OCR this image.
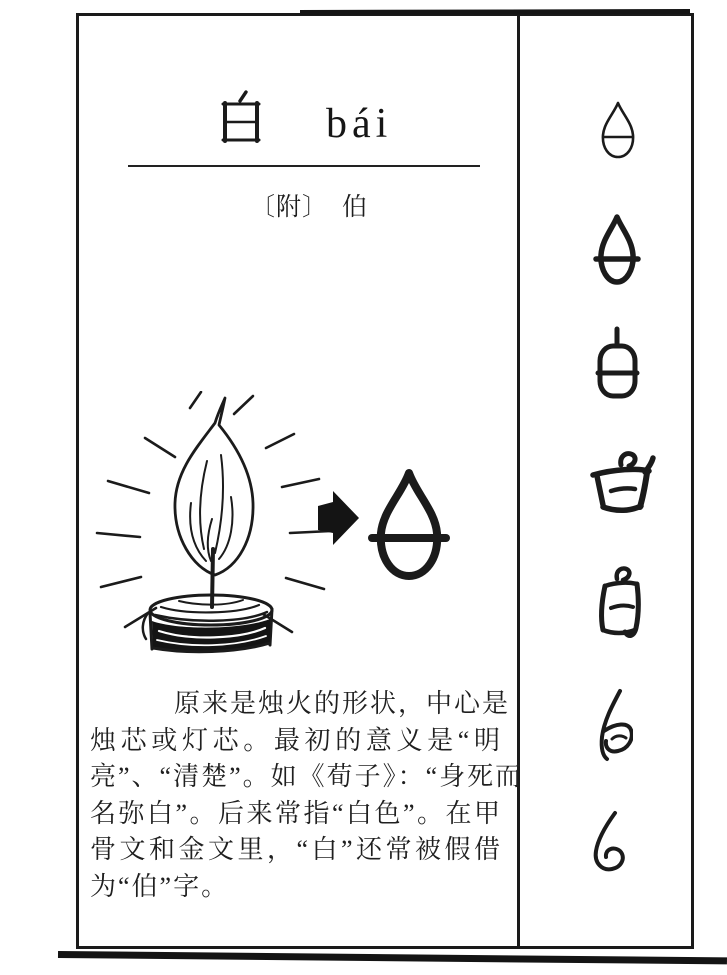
bái
〔附〕 伯
原来是烛火的形状，中心是
烛芯或灯芯。最初的意义是“明
亮”、“清楚”。如《荀子》：“身死而
名弥白”。后来常指“白色”。在甲
骨文和金文里，“白”还常被假借
为“伯”字。
